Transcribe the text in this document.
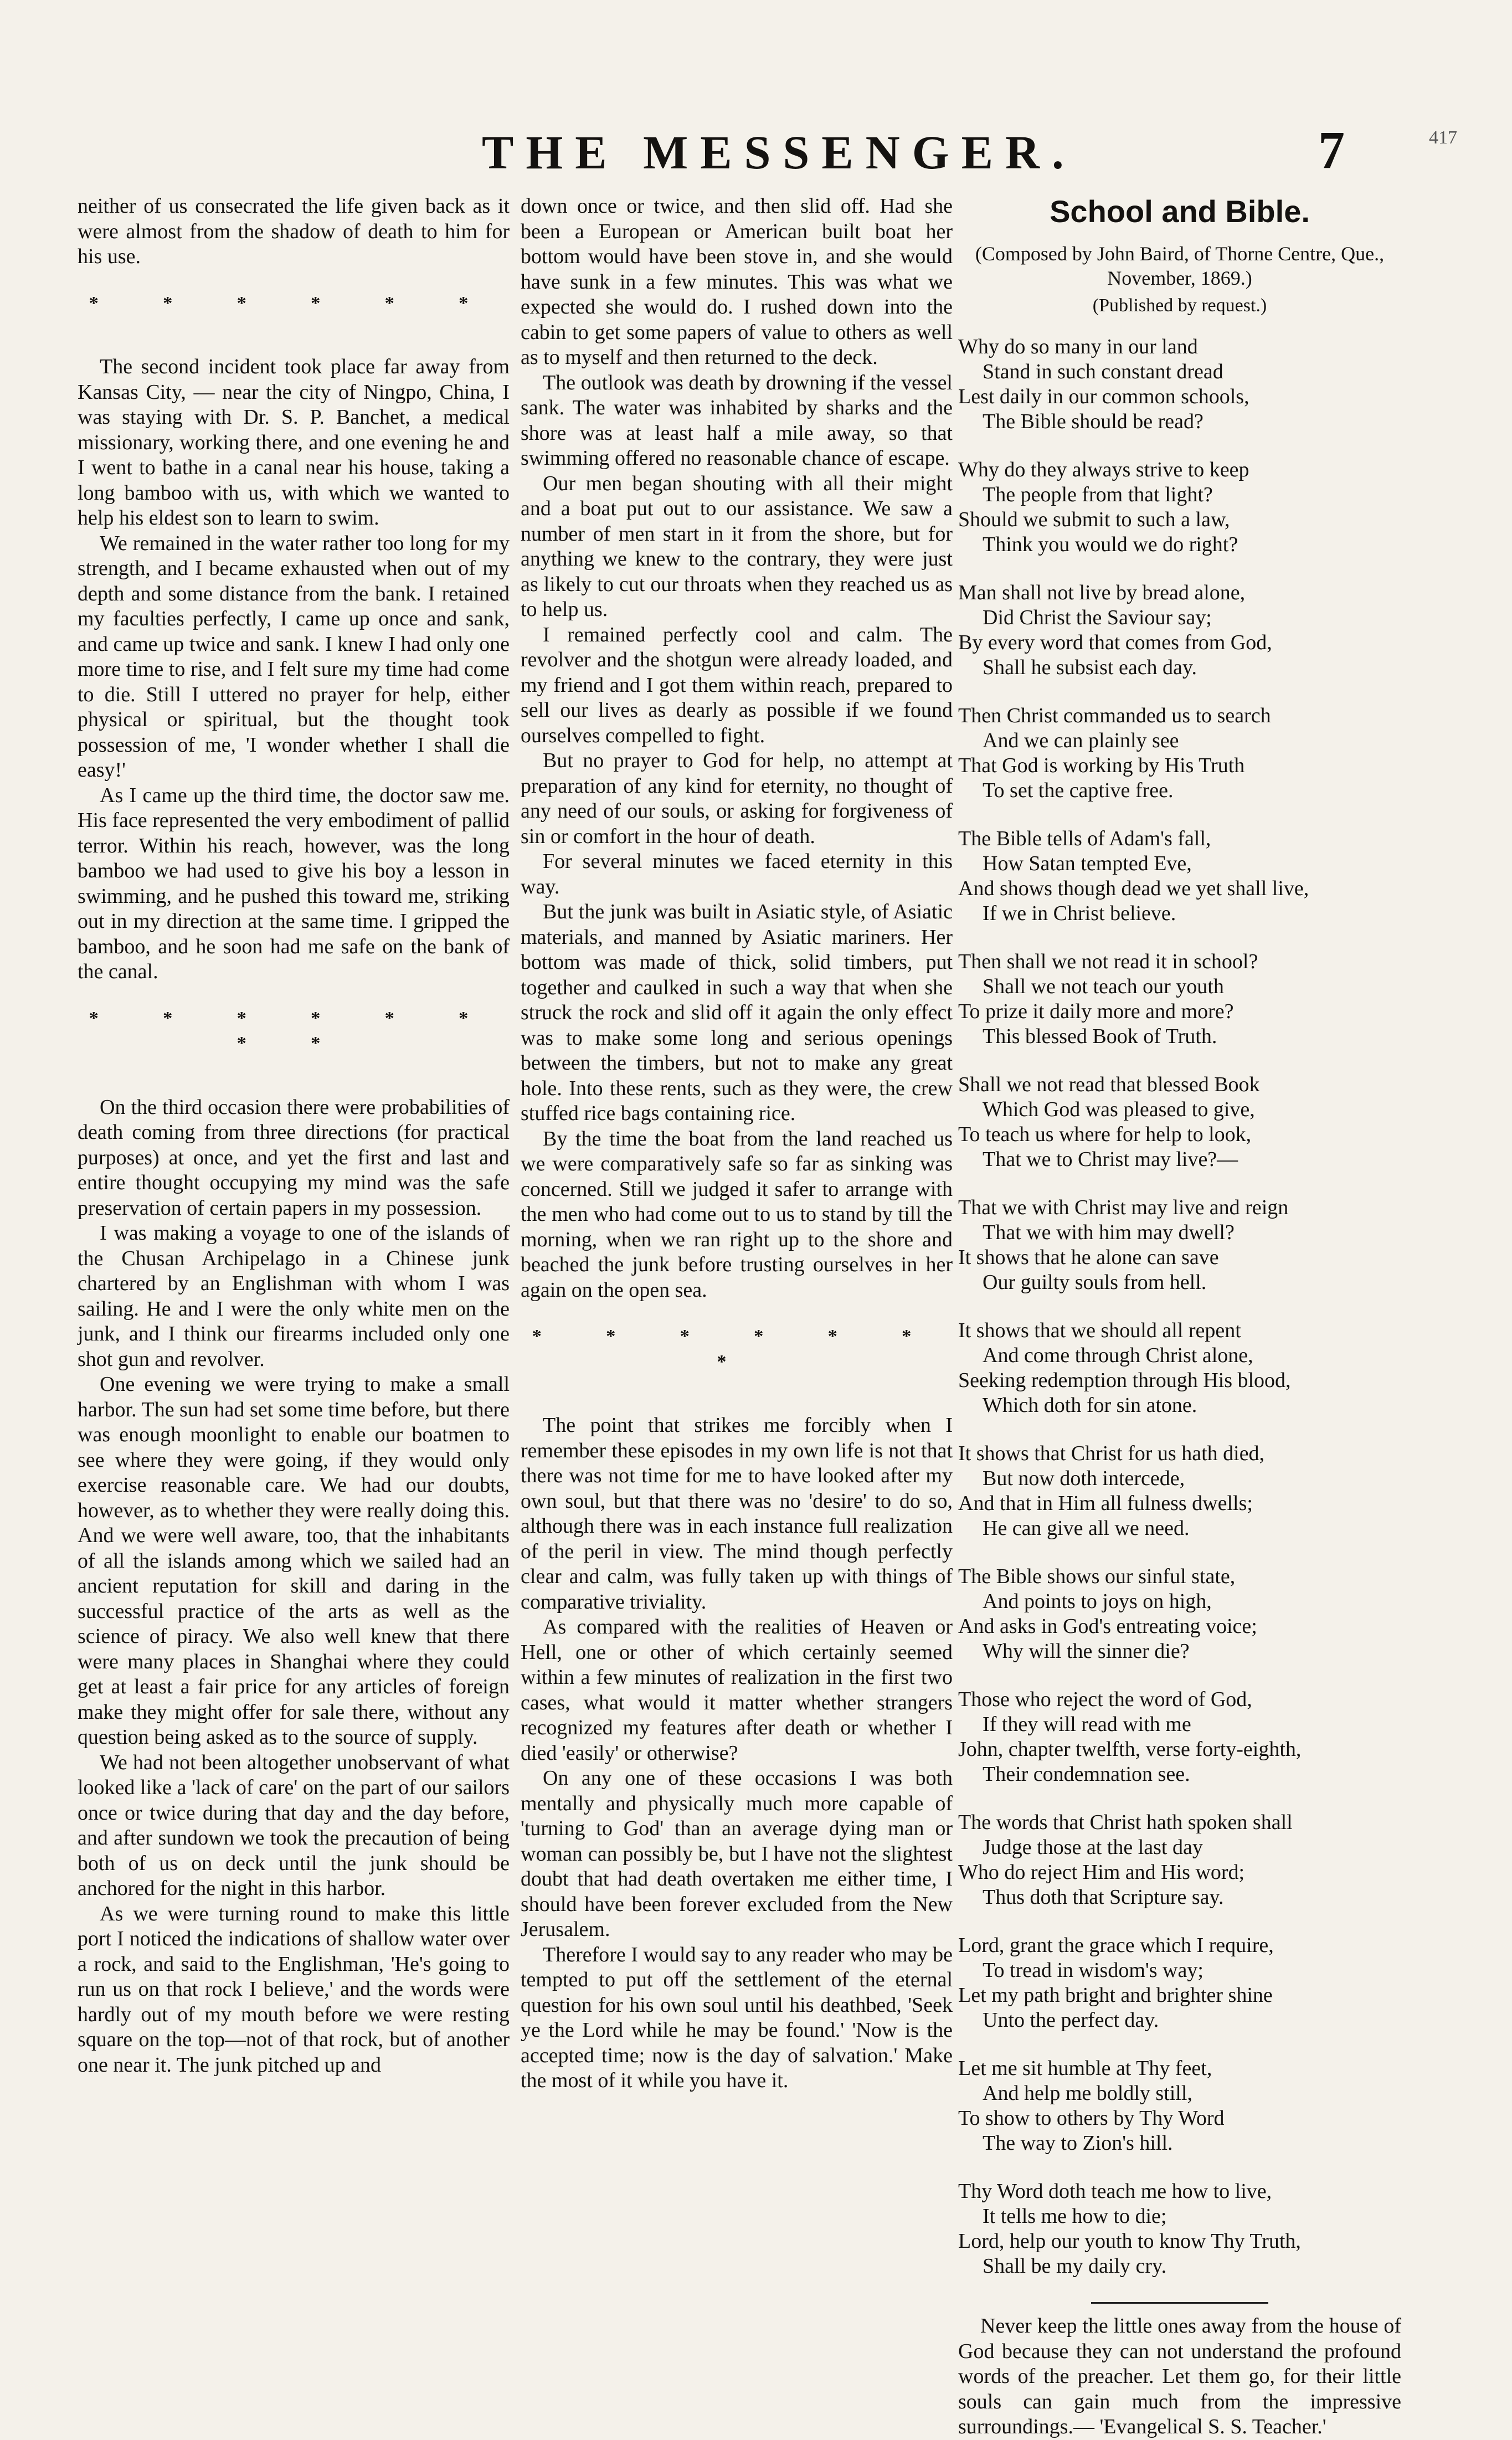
THE MESSENGER.	7	417

neither of us consecrated the life given back as it were almost from the shadow of death to him for his use.

* * * * * *

The second incident took place far away from Kansas City, — near the city of Ningpo, China, I was staying with Dr. S. P. Banchet, a medical missionary, working there, and one evening he and I went to bathe in a canal near his house, taking a long bamboo with us, with which we wanted to help his eldest son to learn to swim.

We remained in the water rather too long for my strength, and I became exhausted when out of my depth and some distance from the bank. I retained my faculties perfectly, I came up once and sank, and came up twice and sank. I knew I had only one more time to rise, and I felt sure my time had come to die. Still I uttered no prayer for help, either physical or spiritual, but the thought took possession of me, 'I wonder whether I shall die easy!'

As I came up the third time, the doctor saw me. His face represented the very embodiment of pallid terror. Within his reach, however, was the long bamboo we had used to give his boy a lesson in swimming, and he pushed this toward me, striking out in my direction at the same time. I gripped the bamboo, and he soon had me safe on the bank of the canal.

* * * * * * * *

On the third occasion there were probabilities of death coming from three directions (for practical purposes) at once, and yet the first and last and entire thought occupying my mind was the safe preservation of certain papers in my possession.

I was making a voyage to one of the islands of the Chusan Archipelago in a Chinese junk chartered by an Englishman with whom I was sailing. He and I were the only white men on the junk, and I think our firearms included only one shot gun and revolver.

One evening we were trying to make a small harbor. The sun had set some time before, but there was enough moonlight to enable our boatmen to see where they were going, if they would only exercise reasonable care. We had our doubts, however, as to whether they were really doing this. And we were well aware, too, that the inhabitants of all the islands among which we sailed had an ancient reputation for skill and daring in the successful practice of the arts as well as the science of piracy. We also well knew that there were many places in Shanghai where they could get at least a fair price for any articles of foreign make they might offer for sale there, without any question being asked as to the source of supply.

We had not been altogether unobservant of what looked like a 'lack of care' on the part of our sailors once or twice during that day and the day before, and after sundown we took the precaution of being both of us on deck until the junk should be anchored for the night in this harbor.

As we were turning round to make this little port I noticed the indications of shallow water over a rock, and said to the Englishman, 'He's going to run us on that rock I believe,' and the words were hardly out of my mouth before we were resting square on the top—not of that rock, but of another one near it. The junk pitched up and

down once or twice, and then slid off. Had she been a European or American built boat her bottom would have been stove in, and she would have sunk in a few minutes. This was what we expected she would do. I rushed down into the cabin to get some papers of value to others as well as to myself and then returned to the deck.

The outlook was death by drowning if the vessel sank. The water was inhabited by sharks and the shore was at least half a mile away, so that swimming offered no reasonable chance of escape.

Our men began shouting with all their might and a boat put out to our assistance. We saw a number of men start in it from the shore, but for anything we knew to the contrary, they were just as likely to cut our throats when they reached us as to help us.

I remained perfectly cool and calm. The revolver and the shotgun were already loaded, and my friend and I got them within reach, prepared to sell our lives as dearly as possible if we found ourselves compelled to fight.

But no prayer to God for help, no attempt at preparation of any kind for eternity, no thought of any need of our souls, or asking for forgiveness of sin or comfort in the hour of death.

For several minutes we faced eternity in this way.

But the junk was built in Asiatic style, of Asiatic materials, and manned by Asiatic mariners. Her bottom was made of thick, solid timbers, put together and caulked in such a way that when she struck the rock and slid off it again the only effect was to make some long and serious openings between the timbers, but not to make any great hole. Into these rents, such as they were, the crew stuffed rice bags containing rice.

By the time the boat from the land reached us we were comparatively safe so far as sinking was concerned. Still we judged it safer to arrange with the men who had come out to us to stand by till the morning, when we ran right up to the shore and beached the junk before trusting ourselves in her again on the open sea.

* * * * * * *

The point that strikes me forcibly when I remember these episodes in my own life is not that there was not time for me to have looked after my own soul, but that there was no 'desire' to do so, although there was in each instance full realization of the peril in view. The mind though perfectly clear and calm, was fully taken up with things of comparative triviality.

As compared with the realities of Heaven or Hell, one or other of which certainly seemed within a few minutes of realization in the first two cases, what would it matter whether strangers recognized my features after death or whether I died 'easily' or otherwise?

On any one of these occasions I was both mentally and physically much more capable of 'turning to God' than an average dying man or woman can possibly be, but I have not the slightest doubt that had death overtaken me either time, I should have been forever excluded from the New Jerusalem.

Therefore I would say to any reader who may be tempted to put off the settlement of the eternal question for his own soul until his deathbed, 'Seek ye the Lord while he may be found.' 'Now is the accepted time; now is the day of salvation.' Make the most of it while you have it.

School and Bible.
(Composed by John Baird, of Thorne Centre, Que., November, 1869.)
(Published by request.)
Why do so many in our land
Stand in such constant dread
Lest daily in our common schools,
The Bible should be read?
Why do they always strive to keep
The people from that light?
Should we submit to such a law,
Think you would we do right?
Man shall not live by bread alone,
Did Christ the Saviour say;
By every word that comes from God,
Shall he subsist each day.
Then Christ commanded us to search
And we can plainly see
That God is working by His Truth
To set the captive free.
The Bible tells of Adam's fall,
How Satan tempted Eve,
And shows though dead we yet shall live,
If we in Christ believe.
Then shall we not read it in school?
Shall we not teach our youth
To prize it daily more and more?
This blessed Book of Truth.
Shall we not read that blessed Book
Which God was pleased to give,
To teach us where for help to look,
That we to Christ may live?—
That we with Christ may live and reign
That we with him may dwell?
It shows that he alone can save
Our guilty souls from hell.
It shows that we should all repent
And come through Christ alone,
Seeking redemption through His blood,
Which doth for sin atone.
It shows that Christ for us hath died,
But now doth intercede,
And that in Him all fulness dwells;
He can give all we need.
The Bible shows our sinful state,
And points to joys on high,
And asks in God's entreating voice;
Why will the sinner die?
Those who reject the word of God,
If they will read with me
John, chapter twelfth, verse forty-eighth,
Their condemnation see.
The words that Christ hath spoken shall
Judge those at the last day
Who do reject Him and His word;
Thus doth that Scripture say.
Lord, grant the grace which I require,
To tread in wisdom's way;
Let my path bright and brighter shine
Unto the perfect day.
Let me sit humble at Thy feet,
And help me boldly still,
To show to others by Thy Word
The way to Zion's hill.
Thy Word doth teach me how to live,
It tells me how to die;
Lord, help our youth to know Thy Truth,
Shall be my daily cry.

Never keep the little ones away from the house of God because they can not understand the profound words of the preacher. Let them go, for their little souls can gain much from the impressive surroundings.— 'Evangelical S. S. Teacher.'
